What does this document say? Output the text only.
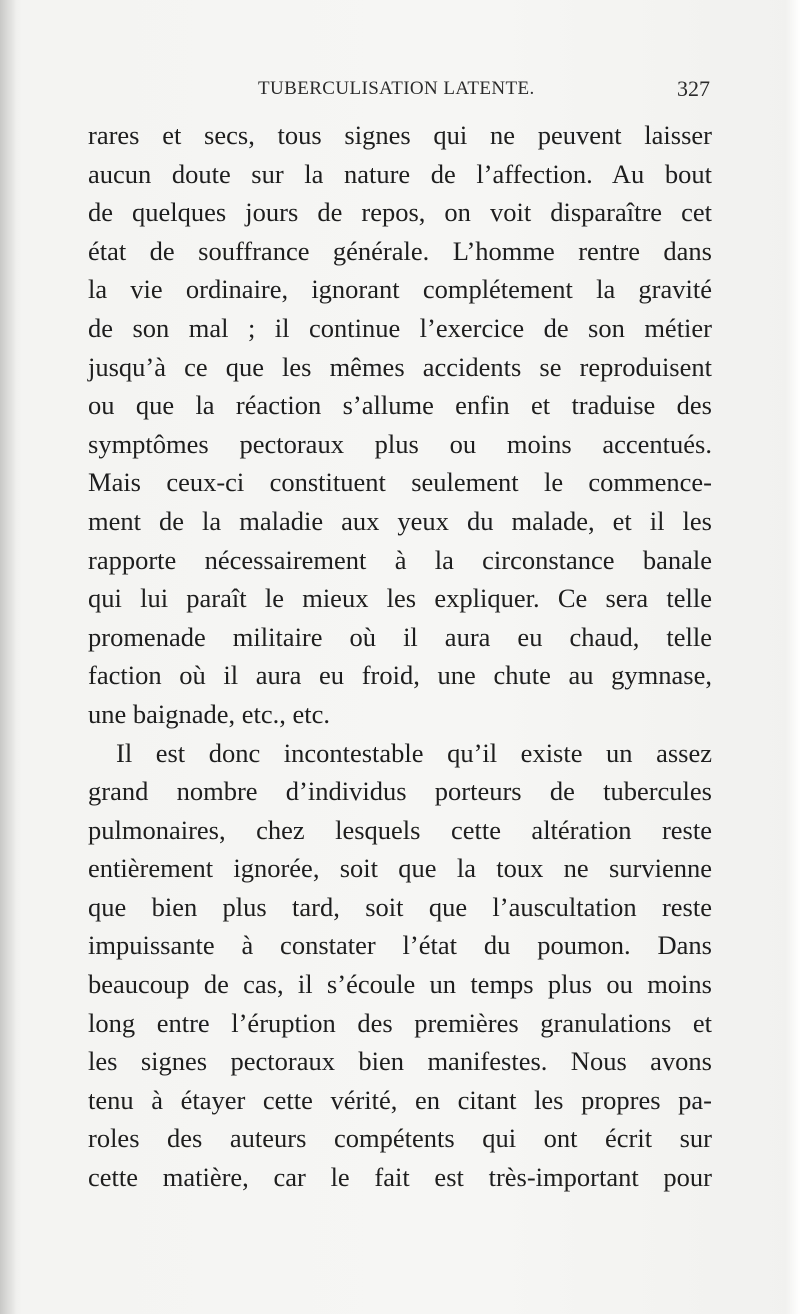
TUBERCULISATION LATENTE.	327
rares et secs, tous signes qui ne peuvent laisser
aucun doute sur la nature de l’affection. Au bout
de quelques jours de repos, on voit disparaître cet
état de souffrance générale. L’homme rentre dans
la vie ordinaire, ignorant complétement la gravité
de son mal ; il continue l’exercice de son métier
jusqu’à ce que les mêmes accidents se reproduisent
ou que la réaction s’allume enfin et traduise des
symptômes pectoraux plus ou moins accentués.
Mais ceux-ci constituent seulement le commence-
ment de la maladie aux yeux du malade, et il les
rapporte nécessairement à la circonstance banale
qui lui paraît le mieux les expliquer. Ce sera telle
promenade militaire où il aura eu chaud, telle
faction où il aura eu froid, une chute au gymnase,
une baignade, etc., etc.
Il est donc incontestable qu’il existe un assez
grand nombre d’individus porteurs de tubercules
pulmonaires, chez lesquels cette altération reste
entièrement ignorée, soit que la toux ne survienne
que bien plus tard, soit que l’auscultation reste
impuissante à constater l’état du poumon. Dans
beaucoup de cas, il s’écoule un temps plus ou moins
long entre l’éruption des premières granulations et
les signes pectoraux bien manifestes. Nous avons
tenu à étayer cette vérité, en citant les propres pa-
roles des auteurs compétents qui ont écrit sur
cette matière, car le fait est très-important pour
